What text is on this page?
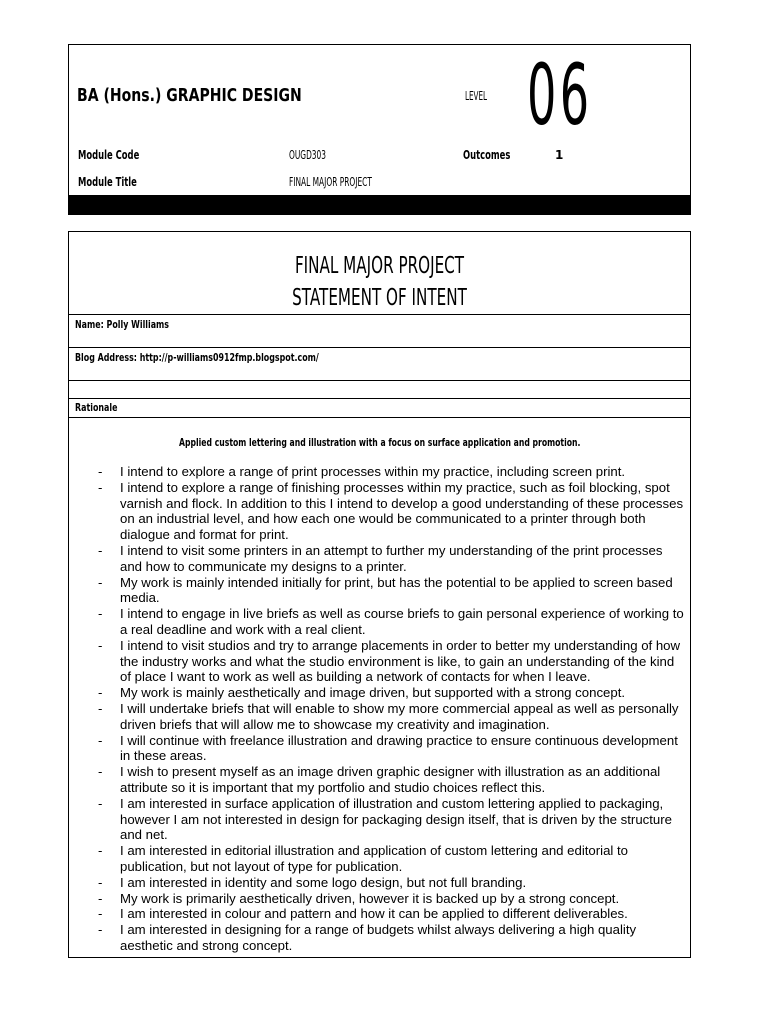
BA (Hons.) GRAPHIC DESIGN	LEVEL 06
Module Code	OUGD303	Outcomes	1
Module Title	FINAL MAJOR PROJECT
FINAL MAJOR PROJECT
STATEMENT OF INTENT
Name: Polly Williams
Blog Address: http://p-williams0912fmp.blogspot.com/
Rationale
Applied custom lettering and illustration with a focus on surface application and promotion.
- I intend to explore a range of print processes within my practice, including screen print.
- I intend to explore a range of finishing processes within my practice, such as foil blocking, spot varnish and flock. In addition to this I intend to develop a good understanding of these processes on an industrial level, and how each one would be communicated to a printer through both dialogue and format for print.
- I intend to visit some printers in an attempt to further my understanding of the print processes and how to communicate my designs to a printer.
- My work is mainly intended initially for print, but has the potential to be applied to screen based media.
- I intend to engage in live briefs as well as course briefs to gain personal experience of working to a real deadline and work with a real client.
- I intend to visit studios and try to arrange placements in order to better my understanding of how the industry works and what the studio environment is like, to gain an understanding of the kind of place I want to work as well as building a network of contacts for when I leave.
- My work is mainly aesthetically and image driven, but supported with a strong concept.
- I will undertake briefs that will enable to show my more commercial appeal as well as personally driven briefs that will allow me to showcase my creativity and imagination.
- I will continue with freelance illustration and drawing practice to ensure continuous development in these areas.
- I wish to present myself as an image driven graphic designer with illustration as an additional attribute so it is important that my portfolio and studio choices reflect this.
- I am interested in surface application of illustration and custom lettering applied to packaging, however I am not interested in design for packaging design itself, that is driven by the structure and net.
- I am interested in editorial illustration and application of custom lettering and editorial to publication, but not layout of type for publication.
- I am interested in identity and some logo design, but not full branding.
- My work is primarily aesthetically driven, however it is backed up by a strong concept.
- I am interested in colour and pattern and how it can be applied to different deliverables.
- I am interested in designing for a range of budgets whilst always delivering a high quality aesthetic and strong concept.
